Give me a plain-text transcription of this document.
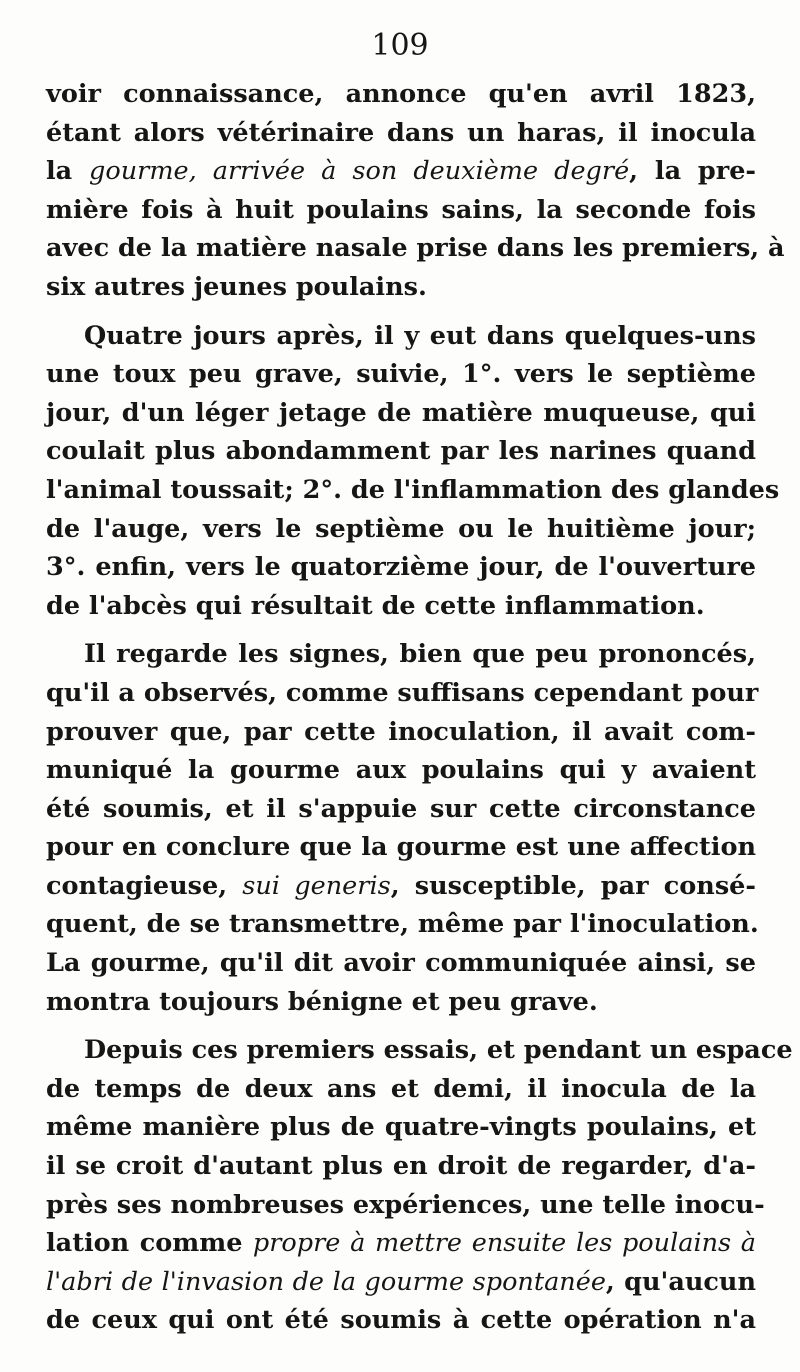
109
voir connaissance, annonce qu'en avril 1823,
étant alors vétérinaire dans un haras, il inocula
la gourme, arrivée à son deuxième degré, la pre-
mière fois à huit poulains sains, la seconde fois
avec de la matière nasale prise dans les premiers, à
six autres jeunes poulains.
Quatre jours après, il y eut dans quelques-uns
une toux peu grave, suivie, 1°. vers le septième
jour, d'un léger jetage de matière muqueuse, qui
coulait plus abondamment par les narines quand
l'animal toussait; 2°. de l'inflammation des glandes
de l'auge, vers le septième ou le huitième jour;
3°. enfin, vers le quatorzième jour, de l'ouverture
de l'abcès qui résultait de cette inflammation.
Il regarde les signes, bien que peu prononcés,
qu'il a observés, comme suffisans cependant pour
prouver que, par cette inoculation, il avait com-
muniqué la gourme aux poulains qui y avaient
été soumis, et il s'appuie sur cette circonstance
pour en conclure que la gourme est une affection
contagieuse, sui generis, susceptible, par consé-
quent, de se transmettre, même par l'inoculation.
La gourme, qu'il dit avoir communiquée ainsi, se
montra toujours bénigne et peu grave.
Depuis ces premiers essais, et pendant un espace
de temps de deux ans et demi, il inocula de la
même manière plus de quatre-vingts poulains, et
il se croit d'autant plus en droit de regarder, d'a-
près ses nombreuses expériences, une telle inocu-
lation comme propre à mettre ensuite les poulains à
l'abri de l'invasion de la gourme spontanée, qu'aucun
de ceux qui ont été soumis à cette opération n'a
